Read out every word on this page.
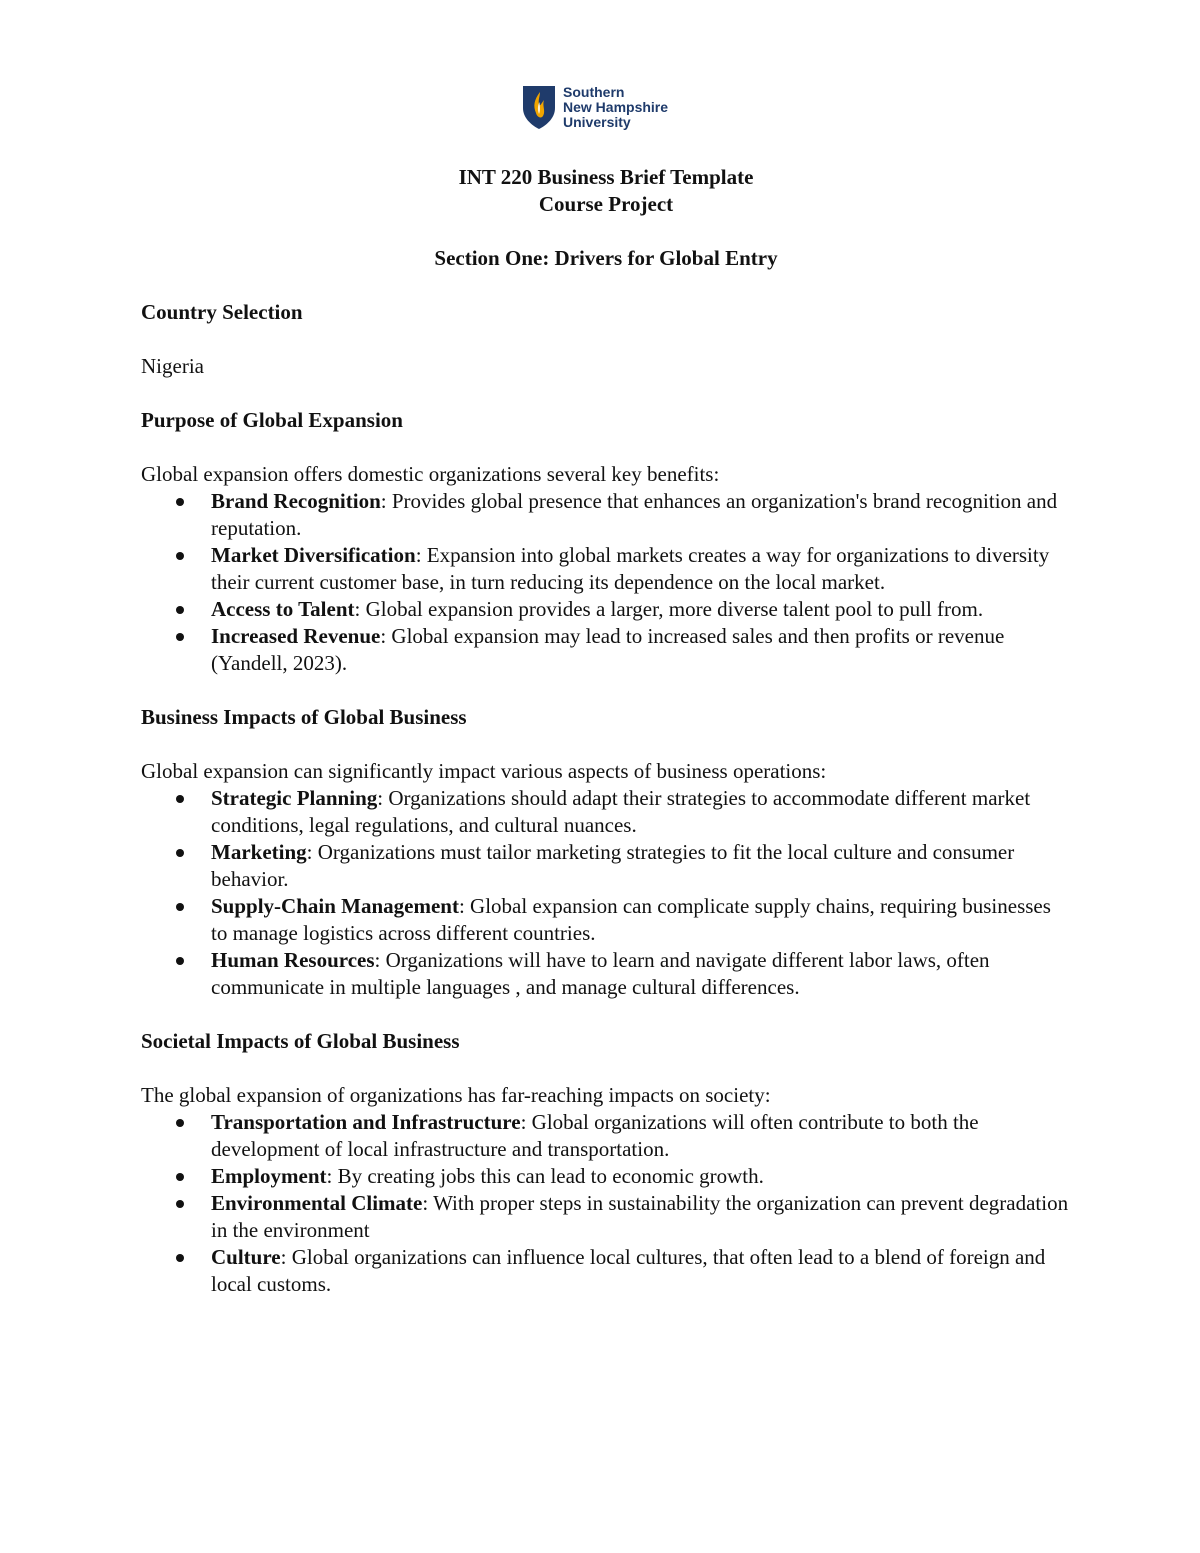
Southern
New Hampshire
University
INT 220 Business Brief Template
Course Project
Section One: Drivers for Global Entry
Country Selection

Nigeria

Purpose of Global Expansion

Global expansion offers domestic organizations several key benefits:

Brand Recognition: Provides global presence that enhances an organization's brand recognition and reputation.
Market Diversification: Expansion into global markets creates a way for organizations to diversity their current customer base, in turn reducing its dependence on the local market.
Access to Talent: Global expansion provides a larger, more diverse talent pool to pull from.
Increased Revenue: Global expansion may lead to increased sales and then profits or revenue (Yandell, 2023).
Business Impacts of Global Business

Global expansion can significantly impact various aspects of business operations:

Strategic Planning: Organizations should adapt their strategies to accommodate different market conditions, legal regulations, and cultural nuances.
Marketing: Organizations must tailor marketing strategies to fit the local culture and consumer behavior.
Supply-Chain Management: Global expansion can complicate supply chains, requiring businesses to manage logistics across different countries.
Human Resources: Organizations will have to learn and navigate different labor laws, often communicate in multiple languages , and manage cultural differences.
Societal Impacts of Global Business

The global expansion of organizations has far-reaching impacts on society:

Transportation and Infrastructure: Global organizations will often contribute to both the development of local infrastructure and transportation.
Employment: By creating jobs this can lead to economic growth.
Environmental Climate: With proper steps in sustainability the organization can prevent degradation in the environment
Culture: Global organizations can influence local cultures, that often lead to a blend of foreign and local customs.
